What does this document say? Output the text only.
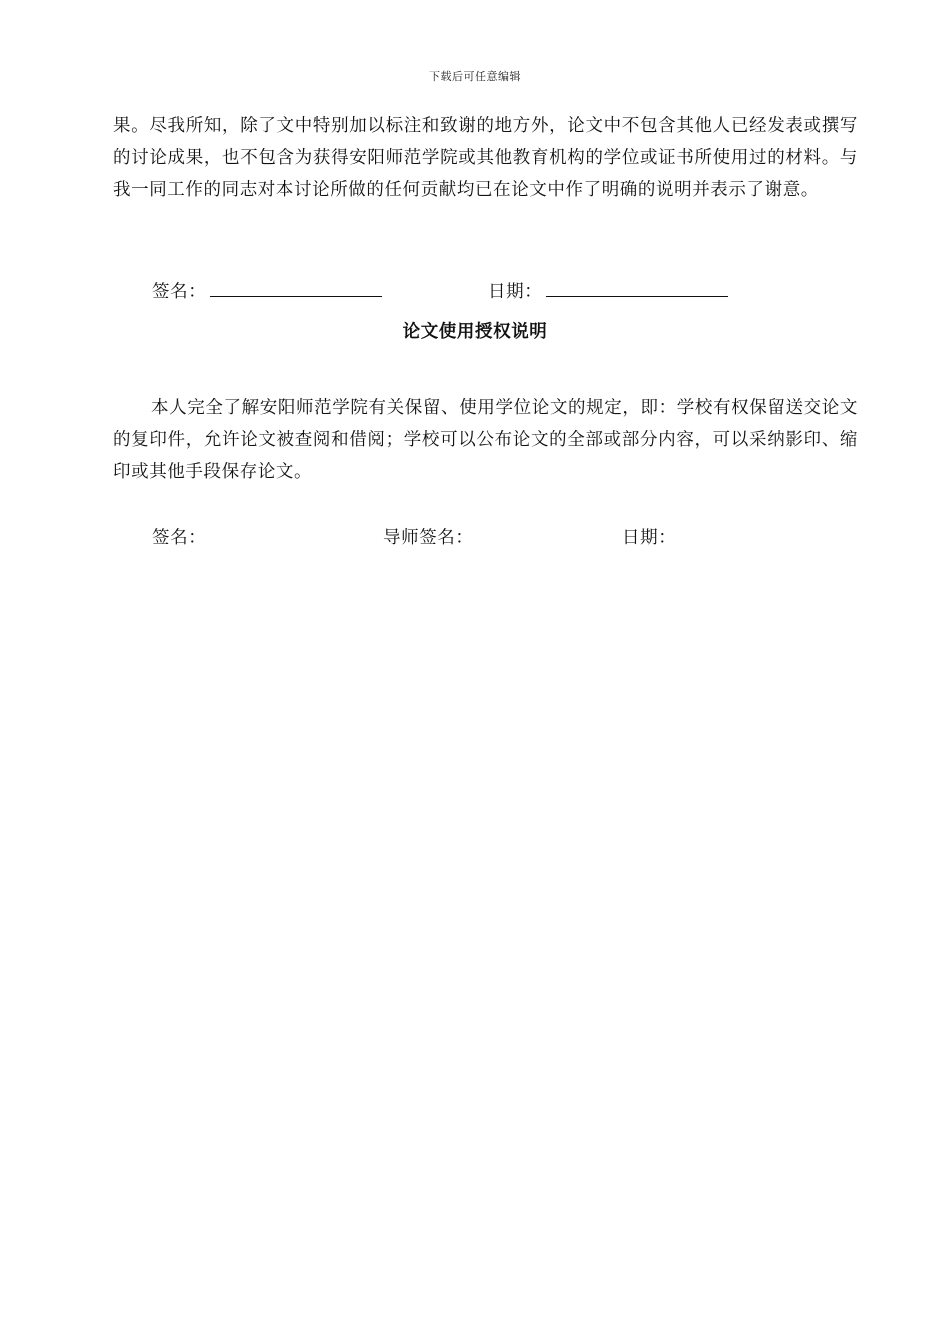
下载后可任意编辑

果。尽我所知，除了文中特别加以标注和致谢的地方外，论文中不包含其他人已经发表或撰写的讨论成果，也不包含为获得安阳师范学院或其他教育机构的学位或证书所使用过的材料。与我一同工作的同志对本讨论所做的任何贡献均已在论文中作了明确的说明并表示了谢意。

签名：	日期：
论文使用授权说明

本人完全了解安阳师范学院有关保留、使用学位论文的规定，即：学校有权保留送交论文的复印件，允许论文被查阅和借阅；学校可以公布论文的全部或部分内容，可以采纳影印、缩印或其他手段保存论文。

签名：	导师签名：	日期：
